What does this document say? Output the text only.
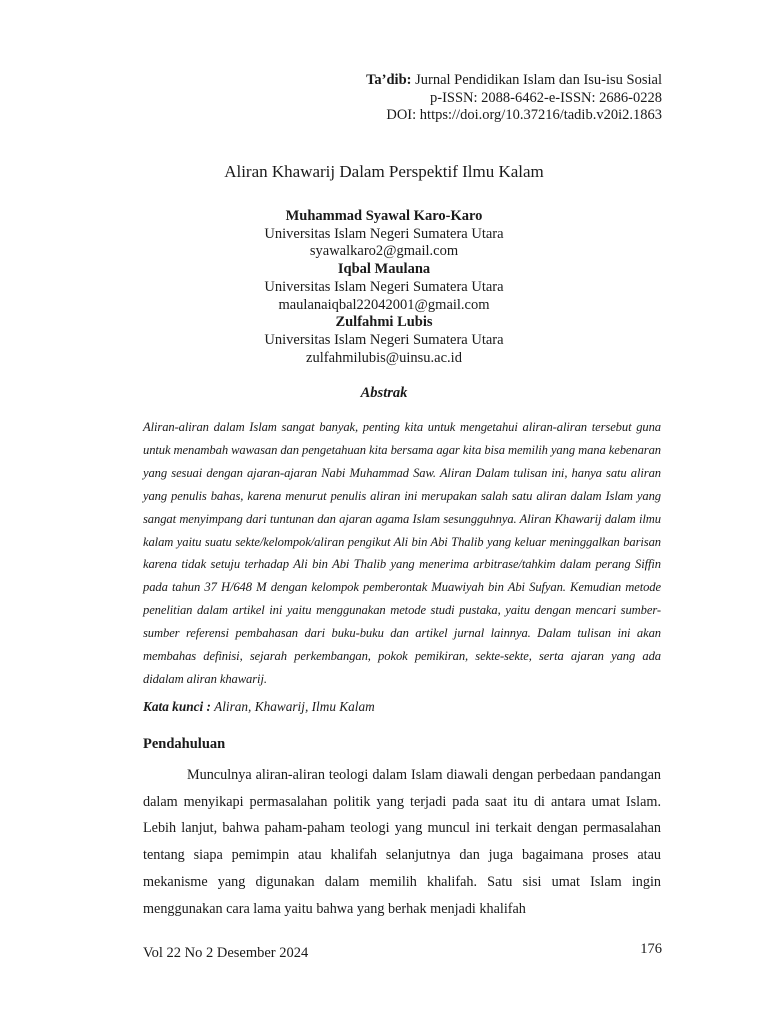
Ta’dib: Jurnal Pendidikan Islam dan Isu-isu Sosial
p-ISSN: 2088-6462-e-ISSN: 2686-0228
DOI: https://doi.org/10.37216/tadib.v20i2.1863
Aliran Khawarij Dalam Perspektif Ilmu Kalam
Muhammad Syawal Karo-Karo
Universitas Islam Negeri Sumatera Utara
syawalkaro2@gmail.com
Iqbal Maulana
Universitas Islam Negeri Sumatera Utara
maulanaiqbal22042001@gmail.com
Zulfahmi Lubis
Universitas Islam Negeri Sumatera Utara
zulfahmilubis@uinsu.ac.id
Abstrak
Aliran-aliran dalam Islam sangat banyak, penting kita untuk mengetahui aliran-aliran tersebut guna untuk menambah wawasan dan pengetahuan kita bersama agar kita bisa memilih yang mana kebenaran yang sesuai dengan ajaran-ajaran Nabi Muhammad Saw. Aliran Dalam tulisan ini, hanya satu aliran yang penulis bahas, karena menurut penulis aliran ini merupakan salah satu aliran dalam Islam yang sangat menyimpang dari tuntunan dan ajaran agama Islam sesungguhnya. Aliran Khawarij dalam ilmu kalam yaitu suatu sekte/kelompok/aliran pengikut Ali bin Abi Thalib yang keluar meninggalkan barisan karena tidak setuju terhadap Ali bin Abi Thalib yang menerima arbitrase/tahkim dalam perang Siffin pada tahun 37 H/648 M dengan kelompok pemberontak Muawiyah bin Abi Sufyan. Kemudian metode penelitian dalam artikel ini yaitu menggunakan metode studi pustaka, yaitu dengan mencari sumber-sumber referensi pembahasan dari buku-buku dan artikel jurnal lainnya. Dalam tulisan ini akan membahas definisi, sejarah perkembangan, pokok pemikiran, sekte-sekte, serta ajaran yang ada didalam aliran khawarij.
Kata kunci : Aliran, Khawarij, Ilmu Kalam
Pendahuluan
Munculnya aliran-aliran teologi dalam Islam diawali dengan perbedaan pandangan dalam menyikapi permasalahan politik yang terjadi pada saat itu di antara umat Islam. Lebih lanjut, bahwa paham-paham teologi yang muncul ini terkait dengan permasalahan tentang siapa pemimpin atau khalifah selanjutnya dan juga bagaimana proses atau mekanisme yang digunakan dalam memilih khalifah. Satu sisi umat Islam ingin menggunakan cara lama yaitu bahwa yang berhak menjadi khalifah
Vol 22 No 2 Desember 2024	176
